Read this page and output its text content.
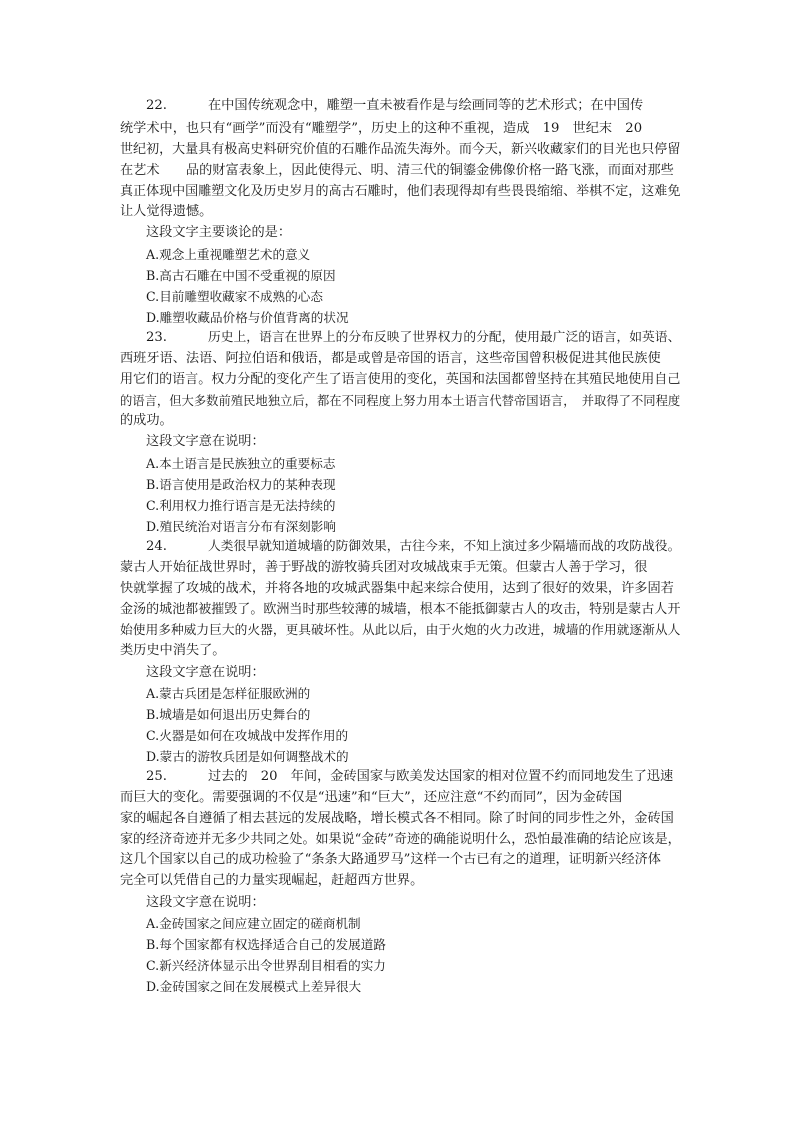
22.	在中国传统观念中，雕塑一直未被看作是与绘画同等的艺术形式；在中国传
统学术中，也只有“画学”而没有“雕塑学”，历史上的这种不重视，造成　19　世纪末　20
世纪初，大量具有极高史料研究价值的石雕作品流失海外。而今天，新兴收藏家们的目光也只停留
在艺术　　品的财富表象上，因此使得元、明、清三代的铜鎏金佛像价格一路飞涨，而面对那些
真正体现中国雕塑文化及历史岁月的高古石雕时，他们表现得却有些畏畏缩缩、举棋不定，这难免
让人觉得遗憾。
这段文字主要谈论的是：
A.观念上重视雕塑艺术的意义
B.高古石雕在中国不受重视的原因
C.目前雕塑收藏家不成熟的心态
D.雕塑收藏品价格与价值背离的状况
23.	历史上，语言在世界上的分布反映了世界权力的分配，使用最广泛的语言，如英语、
西班牙语、法语、阿拉伯语和俄语，都是或曾是帝国的语言，这些帝国曾积极促进其他民族使
用它们的语言。权力分配的变化产生了语言使用的变化，英国和法国都曾坚持在其殖民地使用自己
的语言，但大多数前殖民地独立后，都在不同程度上努力用本土语言代替帝国语言，　并取得了不同程度
的成功。
这段文字意在说明：
A.本土语言是民族独立的重要标志
B.语言使用是政治权力的某种表现
C.利用权力推行语言是无法持续的
D.殖民统治对语言分布有深刻影响
24.	人类很早就知道城墙的防御效果，古往今来，不知上演过多少隔墙而战的攻防战役。
蒙古人开始征战世界时，善于野战的游牧骑兵团对攻城战束手无策。但蒙古人善于学习，很
快就掌握了攻城的战术，并将各地的攻城武器集中起来综合使用，达到了很好的效果，许多固若
金汤的城池都被摧毁了。欧洲当时那些较薄的城墙，根本不能抵御蒙古人的攻击，特别是蒙古人开
始使用多种威力巨大的火器，更具破坏性。从此以后，由于火炮的火力改进，城墙的作用就逐渐从人
类历史中消失了。
这段文字意在说明：
A.蒙古兵团是怎样征服欧洲的
B.城墙是如何退出历史舞台的
C.火器是如何在攻城战中发挥作用的
D.蒙古的游牧兵团是如何调整战术的
25.	过去的　20　年间，金砖国家与欧美发达国家的相对位置不约而同地发生了迅速
而巨大的变化。需要强调的不仅是“迅速”和“巨大”，还应注意“不约而同”，因为金砖国
家的崛起各自遵循了相去甚远的发展战略，增长模式各不相同。除了时间的同步性之外，金砖国
家的经济奇迹并无多少共同之处。如果说“金砖”奇迹的确能说明什么，恐怕最准确的结论应该是，
这几个国家以自己的成功检验了“条条大路通罗马”这样一个古已有之的道理，证明新兴经济体
完全可以凭借自己的力量实现崛起，赶超西方世界。
这段文字意在说明：
A.金砖国家之间应建立固定的磋商机制
B.每个国家都有权选择适合自己的发展道路
C.新兴经济体显示出令世界刮目相看的实力
D.金砖国家之间在发展模式上差异很大
